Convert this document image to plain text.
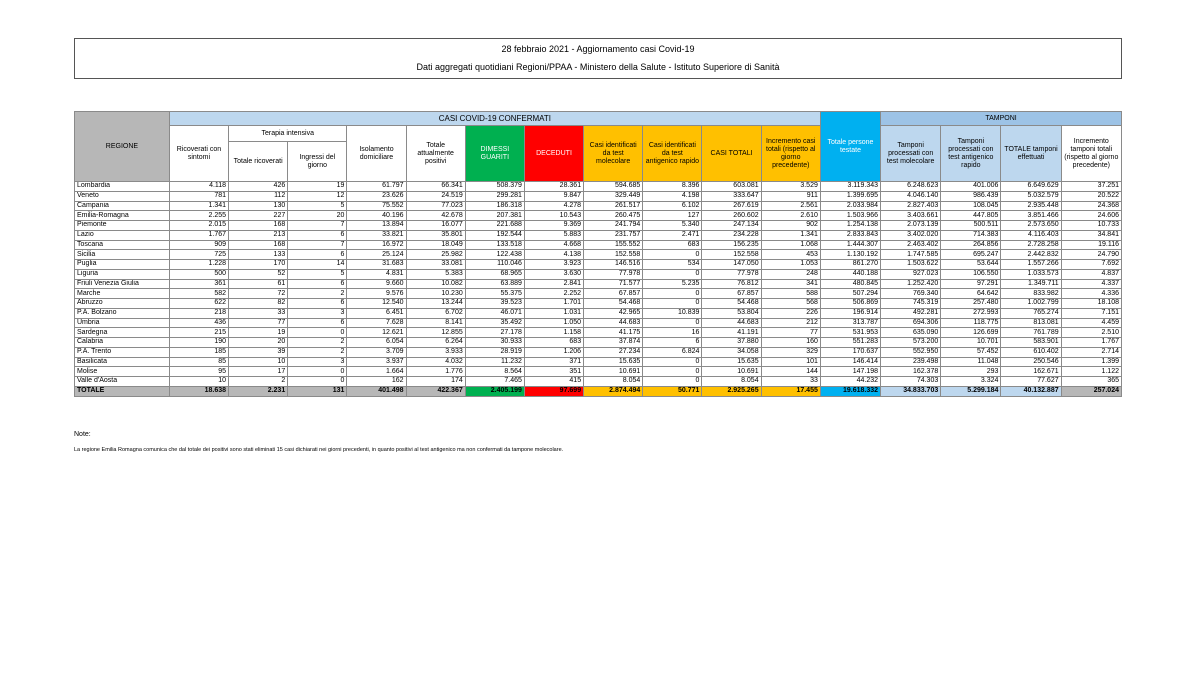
28 febbraio 2021 - Aggiornamento casi Covid-19
Dati aggregati quotidiani Regioni/PPAA - Ministero della Salute - Istituto Superiore di Sanità
REGIONE	CASI COVID-19 CONFERMATI											Totale persone testate	TAMPONI			
	Ricoverati con sintomi	Terapia intensiva		Isolamento domiciliare	Totale attualmente positivi	DIMESSI GUARITI	DECEDUTI	Casi identificati da test molecolare	Casi identificati da test antigenico rapido	CASI TOTALI	Incremento casi totali (rispetto al giorno precedente)		Tamponi processati con test molecolare	Tamponi processati con test antigenico rapido	TOTALE tamponi effettuati	Incremento tamponi totali (rispetto al giorno precedente)
		Totale ricoverati	Ingressi del giorno													
Lombardia	4.118	426	19	61.797	66.341	508.379	28.361	594.685	8.396	603.081	3.529	3.119.343	6.248.623	401.006	6.649.629	37.251
Veneto	781	112	12	23.626	24.519	299.281	9.847	329.449	4.198	333.647	911	1.399.695	4.046.140	986.439	5.032.579	20.522
Campania	1.341	130	5	75.552	77.023	186.318	4.278	261.517	6.102	267.619	2.561	2.033.984	2.827.403	108.045	2.935.448	24.368
Emilia-Romagna	2.255	227	20	40.196	42.678	207.381	10.543	260.475	127	260.602	2.610	1.503.966	3.403.661	447.805	3.851.466	24.606
Piemonte	2.015	168	7	13.894	16.077	221.688	9.369	241.794	5.340	247.134	902	1.254.138	2.073.139	500.511	2.573.650	10.733
Lazio	1.767	213	6	33.821	35.801	192.544	5.883	231.757	2.471	234.228	1.341	2.833.843	3.402.020	714.383	4.116.403	34.841
Toscana	909	168	7	16.972	18.049	133.518	4.668	155.552	683	156.235	1.068	1.444.307	2.463.402	264.856	2.728.258	19.116
Sicilia	725	133	6	25.124	25.982	122.438	4.138	152.558	0	152.558	453	1.130.192	1.747.585	695.247	2.442.832	24.790
Puglia	1.228	170	14	31.683	33.081	110.046	3.923	146.516	534	147.050	1.053	861.270	1.503.622	53.644	1.557.266	7.692
Liguria	500	52	5	4.831	5.383	68.965	3.630	77.978	0	77.978	248	440.188	927.023	106.550	1.033.573	4.837
Friuli Venezia Giulia	361	61	6	9.660	10.082	63.889	2.841	71.577	5.235	76.812	341	480.845	1.252.420	97.291	1.349.711	4.337
Marche	582	72	2	9.576	10.230	55.375	2.252	67.857	0	67.857	588	507.294	769.340	64.642	833.982	4.336
Abruzzo	622	82	6	12.540	13.244	39.523	1.701	54.468	0	54.468	568	506.869	745.319	257.480	1.002.799	18.108
P.A. Bolzano	218	33	3	6.451	6.702	46.071	1.031	42.965	10.839	53.804	226	196.914	492.281	272.993	765.274	7.151
Umbria	436	77	6	7.628	8.141	35.492	1.050	44.683	0	44.683	212	313.787	694.306	118.775	813.081	4.459
Sardegna	215	19	0	12.621	12.855	27.178	1.158	41.175	16	41.191	77	531.953	635.090	126.699	761.789	2.510
Calabria	190	20	2	6.054	6.264	30.933	683	37.874	6	37.880	160	551.283	573.200	10.701	583.901	1.767
P.A. Trento	185	39	2	3.709	3.933	28.919	1.206	27.234	6.824	34.058	329	170.637	552.950	57.452	610.402	2.714
Basilicata	85	10	3	3.937	4.032	11.232	371	15.635	0	15.635	101	146.414	239.498	11.048	250.546	1.399
Molise	95	17	0	1.664	1.776	8.564	351	10.691	0	10.691	144	147.198	162.378	293	162.671	1.122
Valle d'Aosta	10	2	0	162	174	7.465	415	8.054	0	8.054	33	44.232	74.303	3.324	77.627	365
TOTALE	18.638	2.231	131	401.498	422.367	2.405.199	97.699	2.874.494	50.771	2.925.265	17.455	19.618.332	34.833.703	5.299.184	40.132.887	257.024
Note:
La regione Emilia Romagna comunica che dal totale dei positivi sono stati eliminati 15 casi dichiarati nei giorni precedenti, in quanto positivi al test antigenico ma non confermati da tampone molecolare.
